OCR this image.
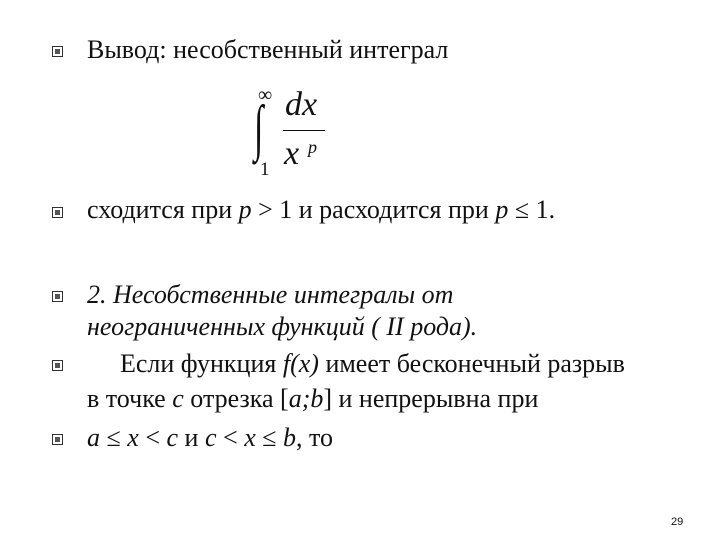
Вывод: несобственный интеграл
∞
∫
1
dx
x p
сходится при p > 1 и расходится при p ≤ 1.
2. Несобственные интегралы от
неограниченных функций ( II рода).
Если функция f(x) имеет бесконечный разрыв
в точке c отрезка [a;b] и непрерывна при
a ≤ x < c и c < x ≤ b, то
29
